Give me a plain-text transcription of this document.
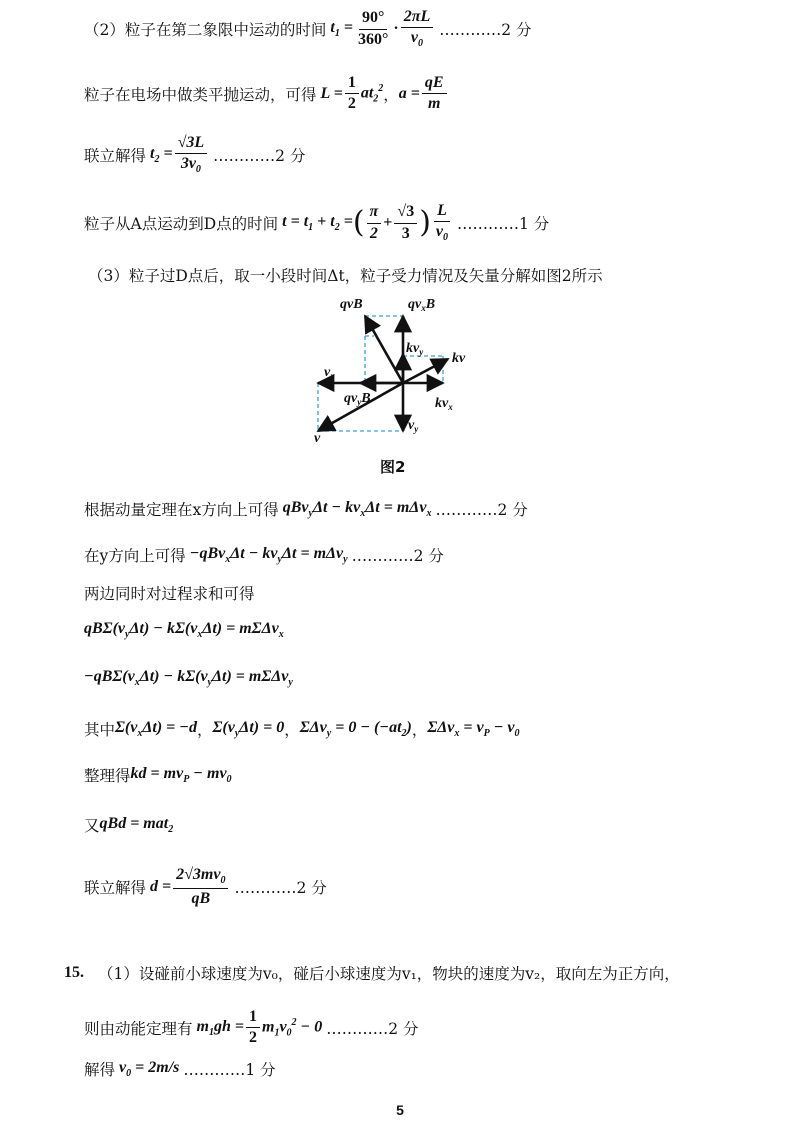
（2）粒子在第二象限中运动的时间 $t_1 = \frac{90^\circ}{360^\circ} \cdot \frac{2\pi L}{v_0}$ …………2 分
粒子在电场中做类平抛运动，可得 $L = \frac{1}{2} at_2^2$ ， $a = \frac{qE}{m}$
联立解得 $t_2 = \frac{√3L}{3v_0}$ …………2 分
粒子从A点运动到D点的时间 $t = t_1 + t_2$ = ( $\frac{\pi}{2} + \frac{√3}{3}$ ) $\frac{L}{v_0}$ …………1 分
（3）粒子过D点后，取一小段时间Δt，粒子受力情况及矢量分解如图2所示
qvB	$qv_xB$
$kv_y$ kv
$v_x$
$qv_yB$	$kv_x$
v
$v_y$
图2
根据动量定理在x方向上可得 $qBv_y\Delta t - kv_x\Delta t = m\Delta v_x$ …………2 分
在y方向上可得 $-qBv_x\Delta t - kv_y\Delta t = m\Delta v_y$ …………2 分
两边同时对过程求和可得
$qB\Sigma(v_y\Delta t) - k\Sigma(v_x\Delta t) = m\Sigma\Delta v_x$
$-qB\Sigma(v_x\Delta t) - k\Sigma(v_y\Delta t) = m\Sigma\Delta v_y$
其中 $\Sigma(v_x\Delta t) = -d$ ， $\Sigma(v_y\Delta t) = 0$ ， $\Sigma\Delta v_y = 0 - (-at_2)$ ， $\Sigma\Delta v_x = v_P - v_0$
整理得 kd = $mv_P - mv_0$
又 qBd = mat$_2$
联立解得 $d = \frac{2√3mv_0}{qB}$ …………2 分
15. （1）设碰前小球速度为v₀，碰后小球速度为v₁，物块的速度为v₂，取向左为正方向，
则由动能定理有 $m_1gh = \frac{1}{2} m_1v_0^2 - 0$ …………2 分
解得 $v_0 = 2m/s$ …………1 分
5
